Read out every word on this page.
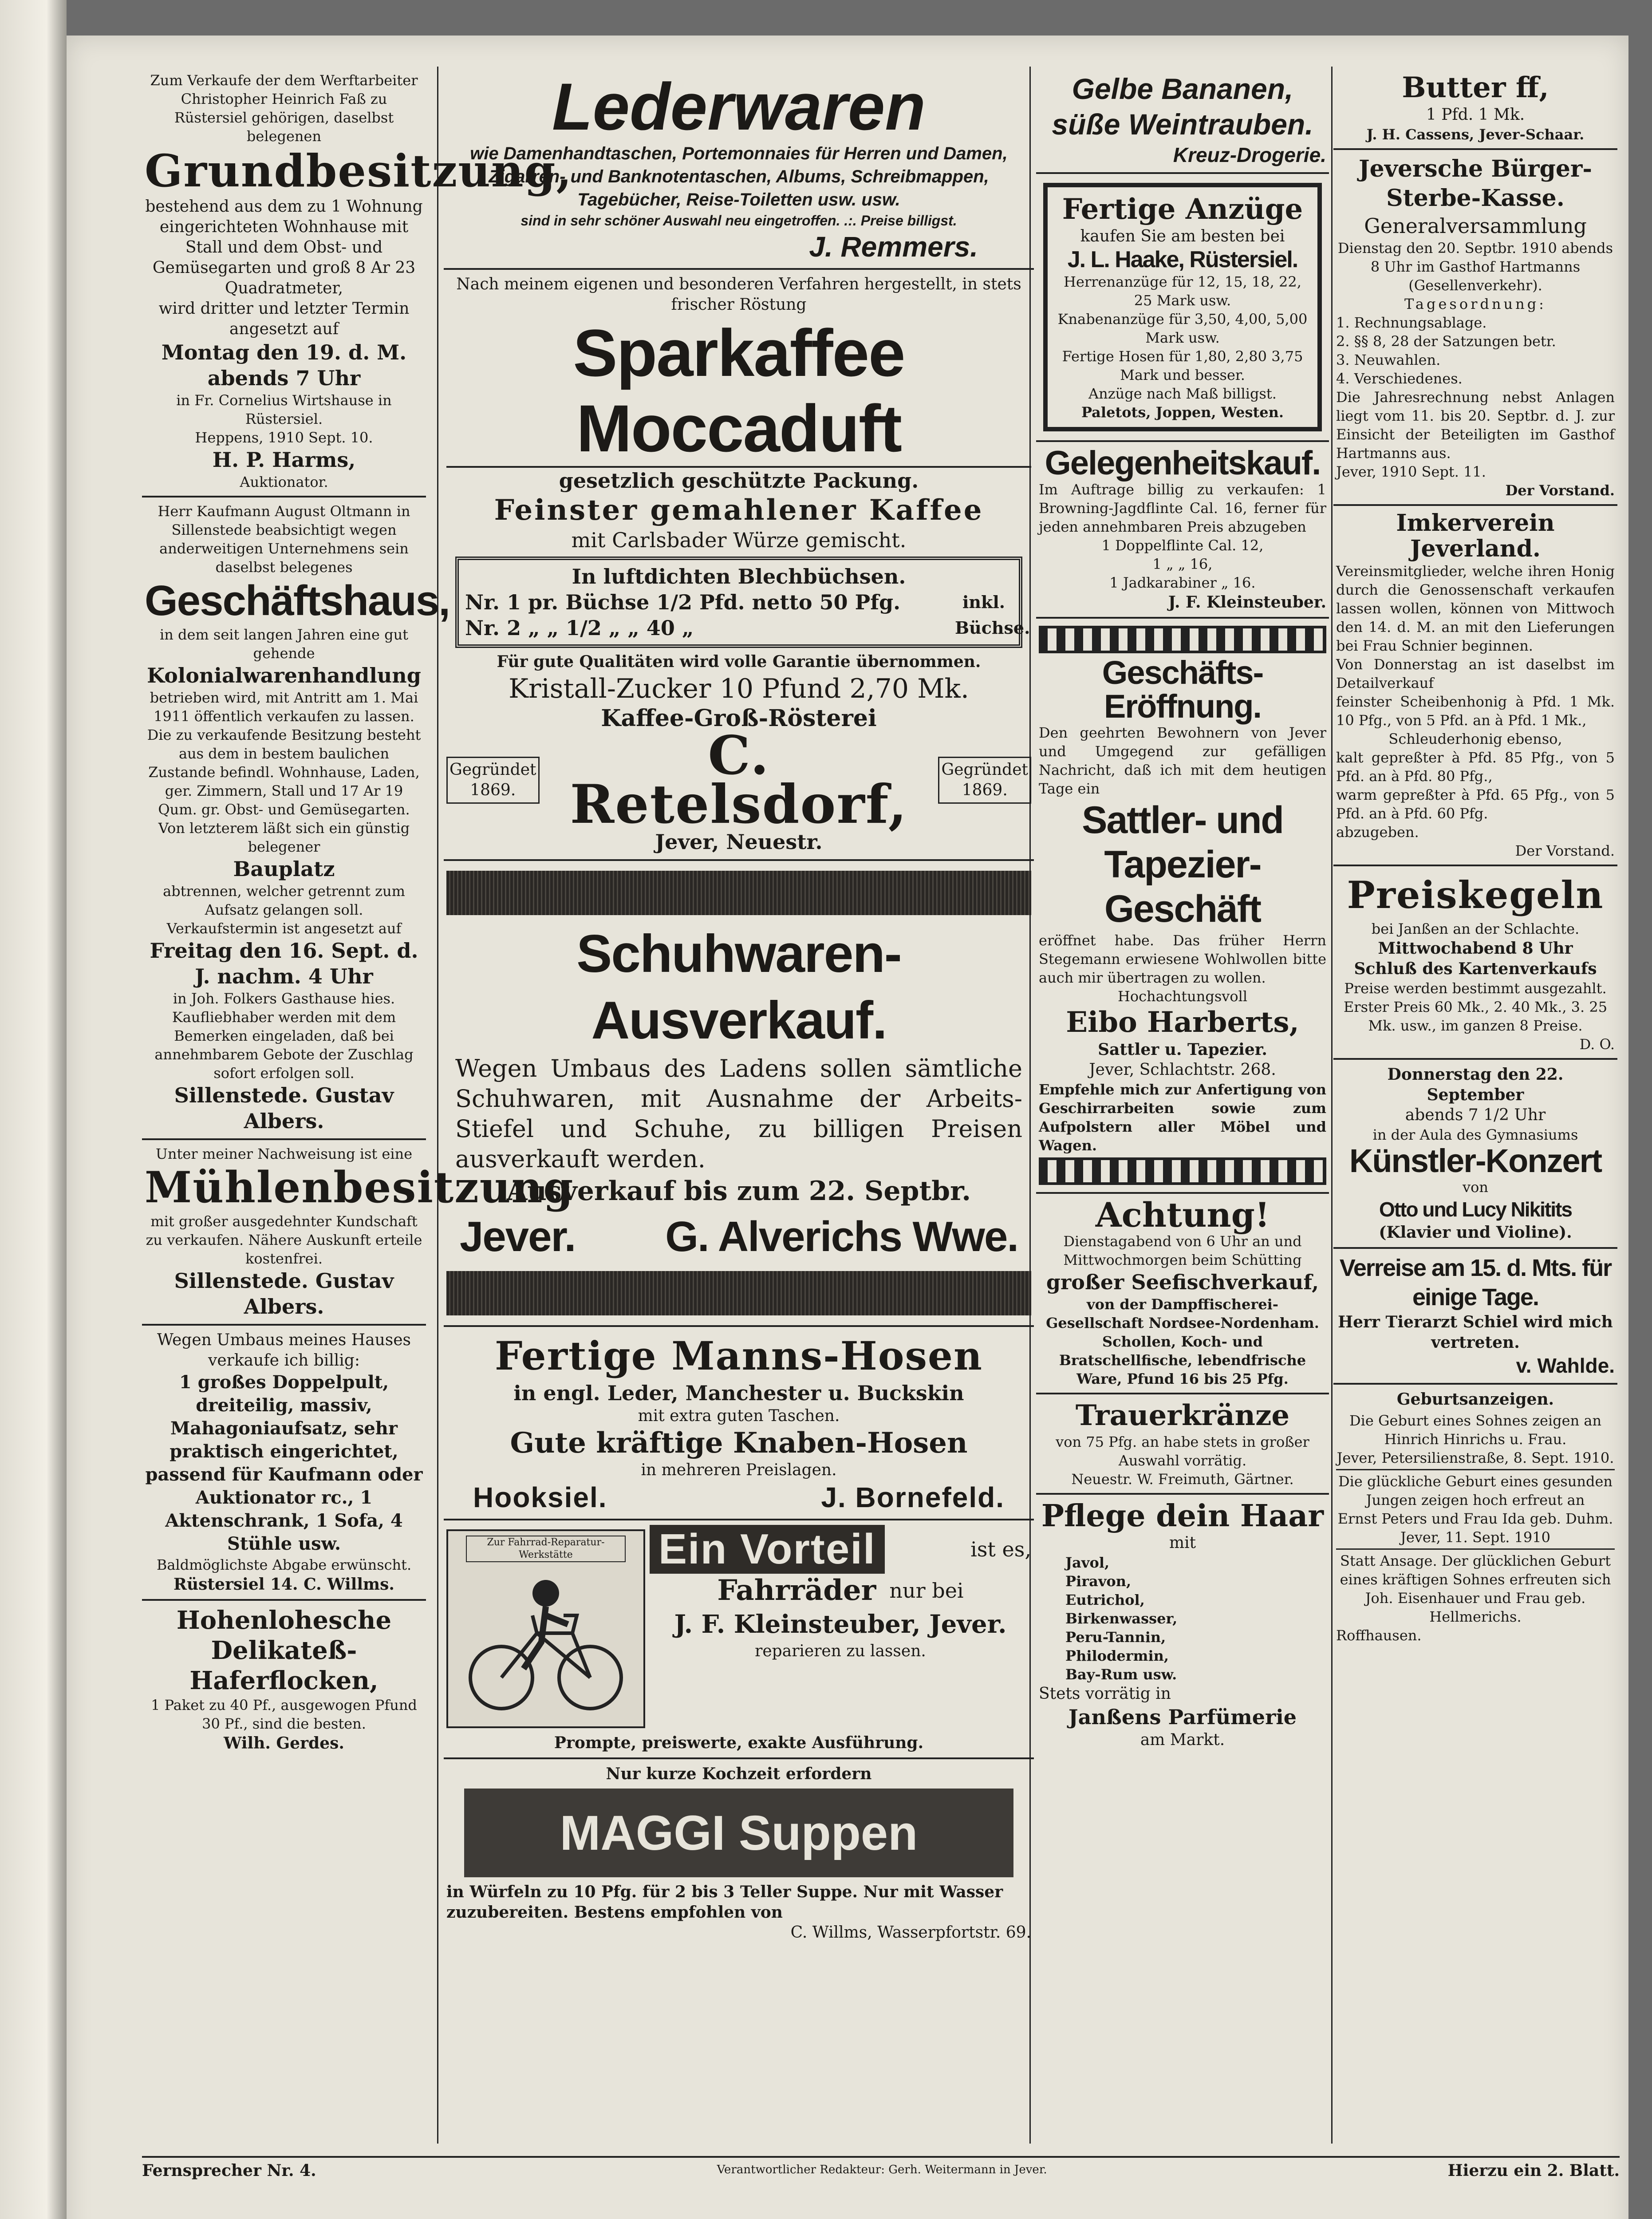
Zum Verkaufe der dem Werftarbeiter Christopher Heinrich Faß zu Rüstersiel gehörigen, daselbst belegenen

Grundbesitzung,

bestehend aus dem zu 1 Wohnung eingerichteten Wohnhause mit Stall und dem Obst- und Gemüsegarten und groß 8 Ar 23 Quadratmeter,

wird dritter und letzter Termin angesetzt auf

Montag den 19. d. M. abends 7 Uhr

in Fr. Cornelius Wirtshause in Rüstersiel.

Heppens, 1910 Sept. 10.

H. P. Harms,

Auktionator.

Herr Kaufmann August Oltmann in Sillenstede beabsichtigt wegen anderweitigen Unternehmens sein daselbst belegenes

Geschäftshaus,

in dem seit langen Jahren eine gut gehende

Kolonialwarenhandlung

betrieben wird, mit Antritt am 1. Mai 1911 öffentlich verkaufen zu lassen.

Die zu verkaufende Besitzung besteht aus dem in bestem baulichen Zustande befindl. Wohnhause, Laden, ger. Zimmern, Stall und 17 Ar 19 Qum. gr. Obst- und Gemüsegarten. Von letzterem läßt sich ein günstig belegener

Bauplatz

abtrennen, welcher getrennt zum Aufsatz gelangen soll.

Verkaufstermin ist angesetzt auf

Freitag den 16. Sept. d. J. nachm. 4 Uhr

in Joh. Folkers Gasthause hies. Kaufliebhaber werden mit dem Bemerken eingeladen, daß bei annehmbarem Gebote der Zuschlag sofort erfolgen soll.

Sillenstede. Gustav Albers.

Unter meiner Nachweisung ist eine

Mühlenbesitzung

mit großer ausgedehnter Kundschaft zu verkaufen. Nähere Auskunft erteile kostenfrei.

Sillenstede. Gustav Albers.

Wegen Umbaus meines Hauses verkaufe ich billig:

1 großes Doppelpult, dreiteilig, massiv, Mahagoniaufsatz, sehr praktisch eingerichtet, passend für Kaufmann oder Auktionator rc., 1 Aktenschrank, 1 Sofa, 4 Stühle usw.

Baldmöglichste Abgabe erwünscht.

Rüstersiel 14. C. Willms.

Hohenlohesche Delikateß-Haferflocken,

1 Paket zu 40 Pf., ausgewogen Pfund 30 Pf., sind die besten.

Wilh. Gerdes.

Lederwaren

wie Damenhandtaschen, Portemonnaies für Herren und Damen, Zigarren- und Banknotentaschen, Albums, Schreibmappen, Tagebücher, Reise-Toiletten usw. usw.

sind in sehr schöner Auswahl neu eingetroffen. .:. Preise billigst.

J. Remmers.

Nach meinem eigenen und besonderen Verfahren hergestellt, in stets frischer Röstung

Sparkaffee Moccaduft

gesetzlich geschützte Packung.

Feinster gemahlener Kaffee

mit Carlsbader Würze gemischt.

In luftdichten Blechbüchsen.

Nr. 1 pr. Büchse 1/2 Pfd. netto 50 Pfg.

Nr. 2 „ „ 1/2 „ „ 40 „

inkl. Büchse.

Für gute Qualitäten wird volle Garantie übernommen.

Kristall-Zucker 10 Pfund 2,70 Mk.

Kaffee-Groß-Rösterei

Gegründet 1869.

C. Retelsdorf,

Gegründet 1869.

Jever, Neuestr.

Schuhwaren-Ausverkauf.

Wegen Umbaus des Ladens sollen sämtliche Schuhwaren, mit Ausnahme der Arbeits-Stiefel und Schuhe, zu billigen Preisen ausverkauft werden.

Ausverkauf bis zum 22. Septbr.

Jever. G. Alverichs Wwe.

Fertige Manns-Hosen

in engl. Leder, Manchester u. Buckskin

mit extra guten Taschen.

Gute kräftige Knaben-Hosen

in mehreren Preislagen.

Hooksiel.	J. Bornefeld.

Zur Fahrrad-Reparatur-Werkstätte	Ein Vorteil	ist es,

Fahrräder nur bei

J. F. Kleinsteuber, Jever.

reparieren zu lassen.

Prompte, preiswerte, exakte Ausführung.

Nur kurze Kochzeit erfordern

MAGGI Suppen

in Würfeln zu 10 Pfg. für 2 bis 3 Teller Suppe. Nur mit Wasser zuzubereiten. Bestens empfohlen von

C. Willms, Wasserpfortstr. 69.

Gelbe Bananen, süße Weintrauben.

Kreuz-Drogerie.

Fertige Anzüge

kaufen Sie am besten bei

J. L. Haake, Rüstersiel.

Herrenanzüge für 12, 15, 18, 22, 25 Mark usw.

Knabenanzüge für 3,50, 4,00, 5,00 Mark usw.

Fertige Hosen für 1,80, 2,80 3,75 Mark und besser.

Anzüge nach Maß billigst.

Paletots, Joppen, Westen.

Gelegenheitskauf.

Im Auftrage billig zu verkaufen: 1 Browning-Jagdflinte Cal. 16, ferner für jeden annehmbaren Preis abzugeben

1 Doppelflinte Cal. 12,

1 „ „ 16,

1 Jadkarabiner „ 16.

J. F. Kleinsteuber.

Geschäfts-Eröffnung.

Den geehrten Bewohnern von Jever und Umgegend zur gefälligen Nachricht, daß ich mit dem heutigen Tage ein

Sattler- und Tapezier-Geschäft

eröffnet habe. Das früher Herrn Stegemann erwiesene Wohlwollen bitte auch mir übertragen zu wollen.

Hochachtungsvoll

Eibo Harberts,

Sattler u. Tapezier.

Jever, Schlachtstr. 268.

Empfehle mich zur Anfertigung von Geschirrarbeiten sowie zum Aufpolstern aller Möbel und Wagen.

Achtung!

Dienstagabend von 6 Uhr an und Mittwochmorgen beim Schütting

großer Seefischverkauf,

von der Dampffischerei-Gesellschaft Nordsee-Nordenham. Schollen, Koch- und Bratschellfische, lebendfrische Ware, Pfund 16 bis 25 Pfg.

Trauerkränze

von 75 Pfg. an habe stets in großer Auswahl vorrätig.

Neuestr. W. Freimuth, Gärtner.

Pflege dein Haar

mit

Javol,

Piravon,

Eutrichol,

Birkenwasser,

Peru-Tannin,

Philodermin,

Bay-Rum usw.

Stets vorrätig in

Janßens Parfümerie

am Markt.

Butter ff,

1 Pfd. 1 Mk.

J. H. Cassens, Jever-Schaar.

Jeversche Bürger-Sterbe-Kasse.

Generalversammlung

Dienstag den 20. Septbr. 1910 abends 8 Uhr im Gasthof Hartmanns (Gesellenverkehr).

Tagesordnung:

1. Rechnungsablage.

2. §§ 8, 28 der Satzungen betr.

3. Neuwahlen.

4. Verschiedenes.

Die Jahresrechnung nebst Anlagen liegt vom 11. bis 20. Septbr. d. J. zur Einsicht der Beteiligten im Gasthof Hartmanns aus.

Jever, 1910 Sept. 11.

Der Vorstand.

Imkerverein Jeverland.

Vereinsmitglieder, welche ihren Honig durch die Genossenschaft verkaufen lassen wollen, können von Mittwoch den 14. d. M. an mit den Lieferungen bei Frau Schnier beginnen.

Von Donnerstag an ist daselbst im Detailverkauf

feinster Scheibenhonig à Pfd. 1 Mk. 10 Pfg., von 5 Pfd. an à Pfd. 1 Mk.,

Schleuderhonig ebenso,

kalt gepreßter à Pfd. 85 Pfg., von 5 Pfd. an à Pfd. 80 Pfg.,

warm gepreßter à Pfd. 65 Pfg., von 5 Pfd. an à Pfd. 60 Pfg.

abzugeben.

Der Vorstand.

Preiskegeln

bei Janßen an der Schlachte.

Mittwochabend 8 Uhr

Schluß des Kartenverkaufs

Preise werden bestimmt ausgezahlt.

Erster Preis 60 Mk., 2. 40 Mk., 3. 25 Mk. usw., im ganzen 8 Preise.

D. O.

Donnerstag den 22. September

abends 7 1/2 Uhr

in der Aula des Gymnasiums

Künstler-Konzert

von

Otto und Lucy Nikitits

(Klavier und Violine).

Verreise am 15. d. Mts. für einige Tage.

Herr Tierarzt Schiel wird mich vertreten.

v. Wahlde.

Geburtsanzeigen.

Die Geburt eines Sohnes zeigen an

Hinrich Hinrichs u. Frau.

Jever, Petersilienstraße, 8. Sept. 1910.

Die glückliche Geburt eines gesunden Jungen zeigen hoch erfreut an

Ernst Peters und Frau Ida geb. Duhm.

Jever, 11. Sept. 1910

Statt Ansage. Der glücklichen Geburt eines kräftigen Sohnes erfreuten sich

Joh. Eisenhauer und Frau geb. Hellmerichs.

Roffhausen.

Fernsprecher Nr. 4.	Verantwortlicher Redakteur: Gerh. Weitermann in Jever.	Hierzu ein 2. Blatt.
